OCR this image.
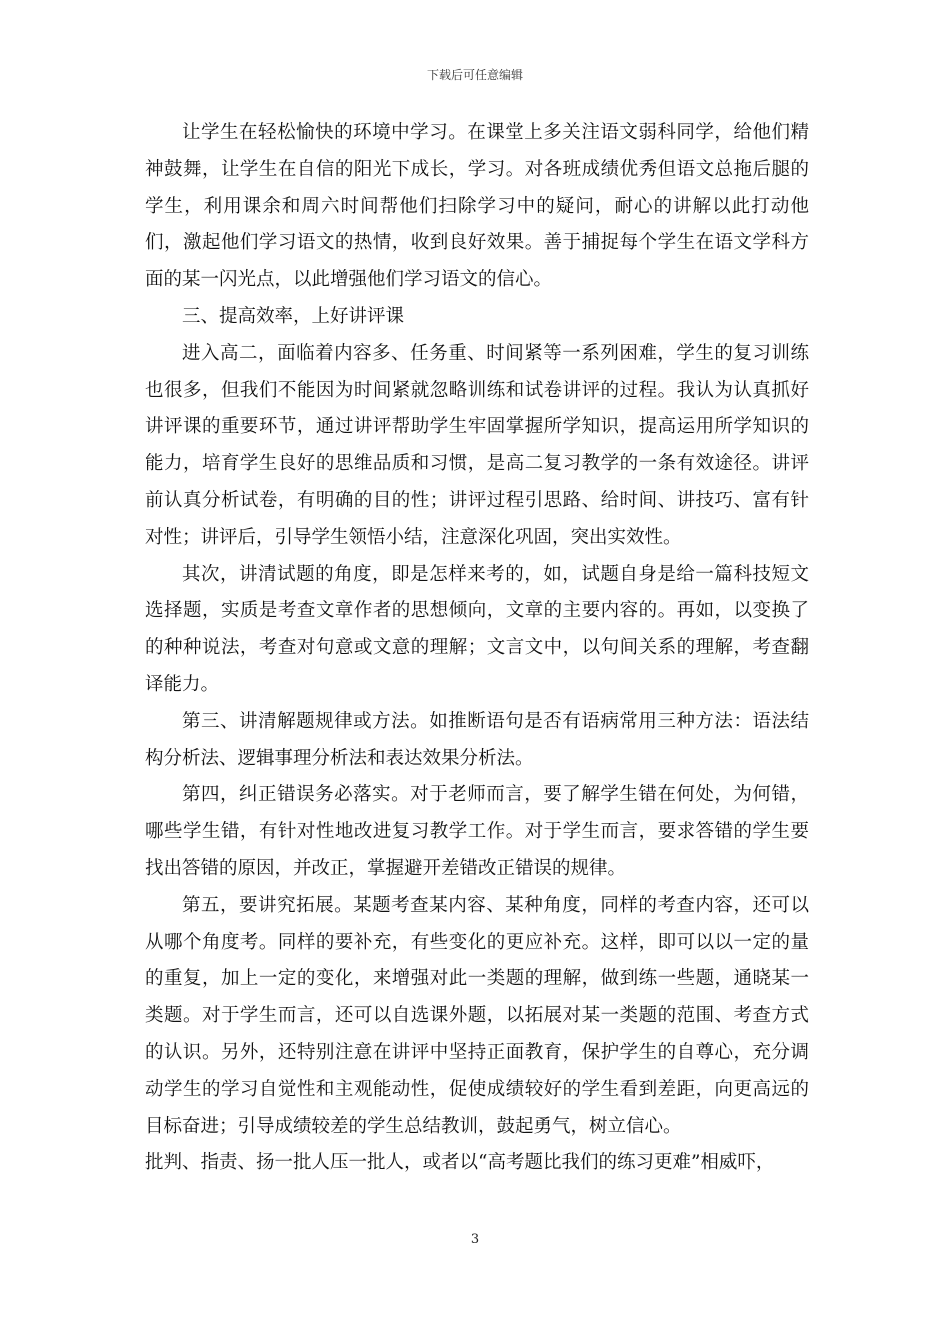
下载后可任意编辑

让学生在轻松愉快的环境中学习。在课堂上多关注语文弱科同学，给他们精神鼓舞，让学生在自信的阳光下成长，学习。对各班成绩优秀但语文总拖后腿的学生，利用课余和周六时间帮他们扫除学习中的疑问，耐心的讲解以此打动他们，激起他们学习语文的热情，收到良好效果。善于捕捉每个学生在语文学科方面的某一闪光点，以此增强他们学习语文的信心。

三、提高效率，上好讲评课

进入高二，面临着内容多、任务重、时间紧等一系列困难，学生的复习训练也很多，但我们不能因为时间紧就忽略训练和试卷讲评的过程。我认为认真抓好讲评课的重要环节，通过讲评帮助学生牢固掌握所学知识，提高运用所学知识的能力，培育学生良好的思维品质和习惯，是高二复习教学的一条有效途径。讲评前认真分析试卷，有明确的目的性；讲评过程引思路、给时间、讲技巧、富有针对性；讲评后，引导学生领悟小结，注意深化巩固，突出实效性。

其次，讲清试题的角度，即是怎样来考的，如，试题自身是给一篇科技短文选择题，实质是考查文章作者的思想倾向，文章的主要内容的。再如，以变换了的种种说法，考查对句意或文意的理解；文言文中，以句间关系的理解，考查翻译能力。

第三、讲清解题规律或方法。如推断语句是否有语病常用三种方法：语法结构分析法、逻辑事理分析法和表达效果分析法。

第四，纠正错误务必落实。对于老师而言，要了解学生错在何处，为何错，哪些学生错，有针对性地改进复习教学工作。对于学生而言，要求答错的学生要找出答错的原因，并改正，掌握避开差错改正错误的规律。

第五，要讲究拓展。某题考查某内容、某种角度，同样的考查内容，还可以从哪个角度考。同样的要补充，有些变化的更应补充。这样，即可以以一定的量的重复，加上一定的变化，来增强对此一类题的理解，做到练一些题，通晓某一类题。对于学生而言，还可以自选课外题，以拓展对某一类题的范围、考查方式的认识。另外，还特别注意在讲评中坚持正面教育，保护学生的自尊心，充分调动学生的学习自觉性和主观能动性，促使成绩较好的学生看到差距，向更高远的目标奋进；引导成绩较差的学生总结教训，鼓起勇气，树立信心。

批判、指责、扬一批人压一批人，或者以“高考题比我们的练习更难”相威吓，

3
